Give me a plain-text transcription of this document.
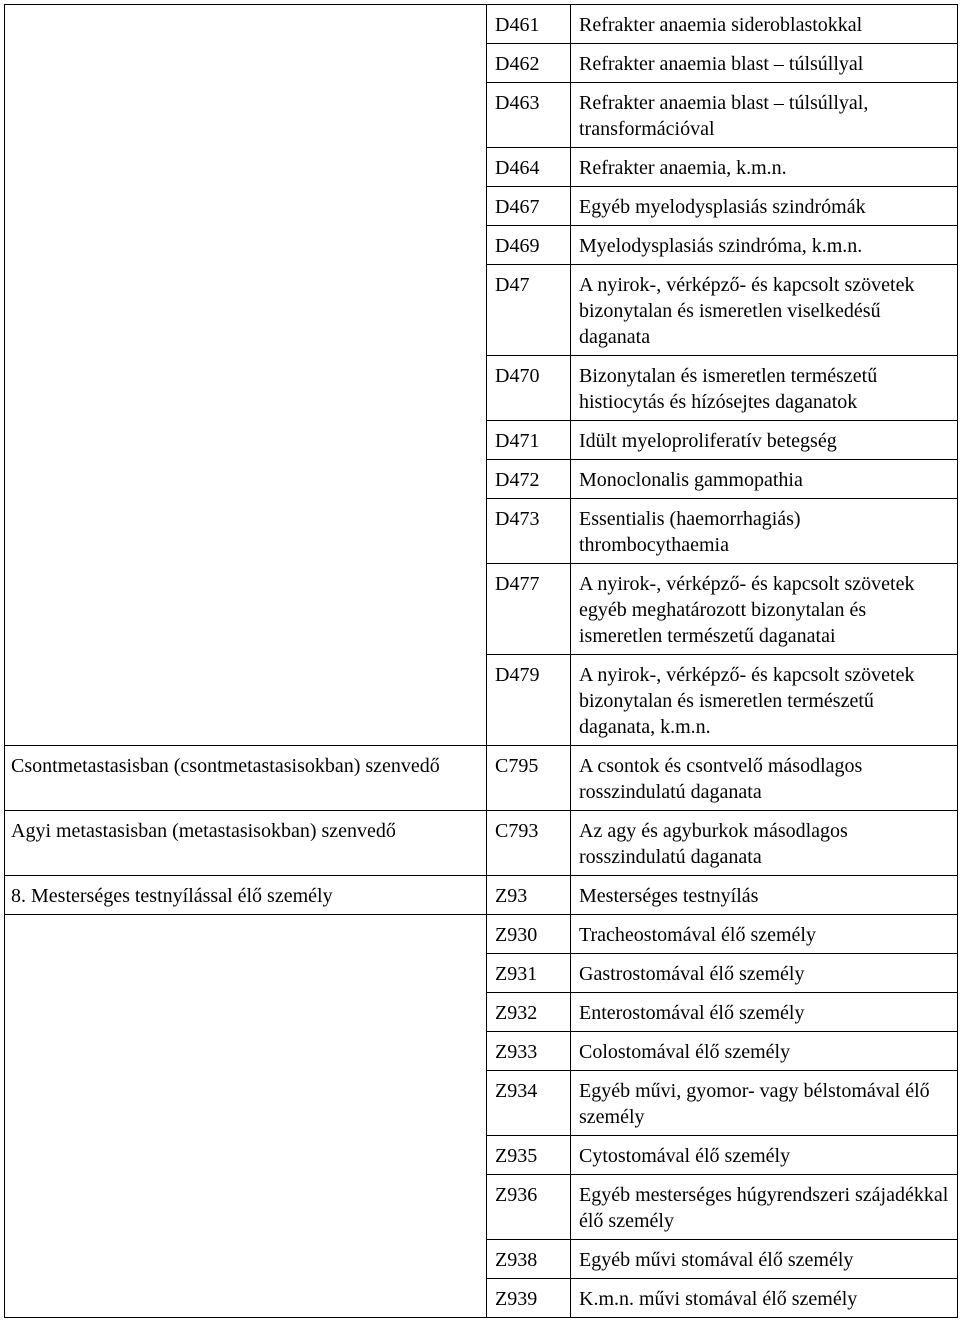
	D461	Refrakter anaemia sideroblastokkal
	D462	Refrakter anaemia blast – túlsúllyal
	D463	Refrakter anaemia blast – túlsúllyal, transformációval
	D464	Refrakter anaemia, k.m.n.
	D467	Egyéb myelodysplasiás szindrómák
	D469	Myelodysplasiás szindróma, k.m.n.
	D47	A nyirok-, vérképző- és kapcsolt szövetek bizonytalan és ismeretlen viselkedésű daganata
	D470	Bizonytalan és ismeretlen természetű histiocytás és hízósejtes daganatok
	D471	Idült myeloproliferatív betegség
	D472	Monoclonalis gammopathia
	D473	Essentialis (haemorrhagiás) thrombocythaemia
	D477	A nyirok-, vérképző- és kapcsolt szövetek egyéb meghatározott bizonytalan és ismeretlen természetű daganatai
	D479	A nyirok-, vérképző- és kapcsolt szövetek bizonytalan és ismeretlen természetű daganata, k.m.n.
Csontmetastasisban (csontmetastasisokban) szenvedő	C795	A csontok és csontvelő másodlagos rosszindulatú daganata
Agyi metastasisban (metastasisokban) szenvedő	C793	Az agy és agyburkok másodlagos rosszindulatú daganata
8. Mesterséges testnyílással élő személy	Z93	Mesterséges testnyílás
	Z930	Tracheostomával élő személy
	Z931	Gastrostomával élő személy
	Z932	Enterostomával élő személy
	Z933	Colostomával élő személy
	Z934	Egyéb művi, gyomor- vagy bélstomával élő személy
	Z935	Cytostomával élő személy
	Z936	Egyéb mesterséges húgyrendszeri szájadékkal élő személy
	Z938	Egyéb művi stomával élő személy
	Z939	K.m.n. művi stomával élő személy
